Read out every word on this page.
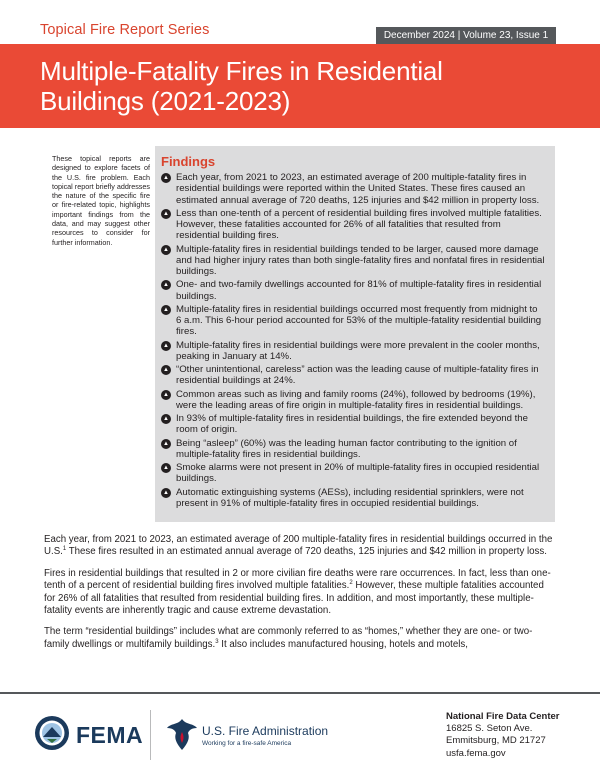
Topical Fire Report Series	December 2024 | Volume 23, Issue 1
Multiple-Fatality Fires in Residential
Buildings (2021-2023)
These topical reports are designed to explore facets of the U.S. fire problem. Each topical report briefly addresses the nature of the specific fire or fire-related topic, highlights important findings from the data, and may suggest other resources to consider for further information.
Findings
▲ Each year, from 2021 to 2023, an estimated average of 200 multiple-fatality fires in residential buildings were reported within the United States. These fires caused an estimated annual average of 720 deaths, 125 injuries and $42 million in property loss.
▲ Less than one-tenth of a percent of residential building fires involved multiple fatalities. However, these fatalities accounted for 26% of all fatalities that resulted from residential building fires.
▲ Multiple-fatality fires in residential buildings tended to be larger, caused more damage and had higher injury rates than both single-fatality fires and nonfatal fires in residential buildings.
▲ One- and two-family dwellings accounted for 81% of multiple-fatality fires in residential buildings.
▲ Multiple-fatality fires in residential buildings occurred most frequently from midnight to 6 a.m. This 6-hour period accounted for 53% of the multiple-fatality residential building fires.
▲ Multiple-fatality fires in residential buildings were more prevalent in the cooler months, peaking in January at 14%.
▲ “Other unintentional, careless” action was the leading cause of multiple-fatality fires in residential buildings at 24%.
▲ Common areas such as living and family rooms (24%), followed by bedrooms (19%), were the leading areas of fire origin in multiple-fatality fires in residential buildings.
▲ In 93% of multiple-fatality fires in residential buildings, the fire extended beyond the room of origin.
▲ Being “asleep” (60%) was the leading human factor contributing to the ignition of multiple-fatality fires in residential buildings.
▲ Smoke alarms were not present in 20% of multiple-fatality fires in occupied residential buildings.
▲ Automatic extinguishing systems (AESs), including residential sprinklers, were not present in 91% of multiple-fatality fires in occupied residential buildings.

Each year, from 2021 to 2023, an estimated average of 200 multiple-fatality fires in residential buildings occurred in the U.S.$^1$ These fires resulted in an estimated annual average of 720 deaths, 125 injuries and $42 million in property loss.

Fires in residential buildings that resulted in 2 or more civilian fire deaths were rare occurrences. In fact, less than one-tenth of a percent of residential building fires involved multiple fatalities.$^2$ However, these multiple fatalities accounted for 26% of all fatalities that resulted from residential building fires. In addition, and most importantly, these multiple-fatality events are inherently tragic and cause extreme devastation.

The term “residential buildings” includes what are commonly referred to as “homes,” whether they are one- or two-family dwellings or multifamily buildings.$^3$ It also includes manufactured housing, hotels and motels,

FEMA	U.S. Fire Administration
Working for a fire-safe America
National Fire Data Center
16825 S. Seton Ave.
Emmitsburg, MD 21727
usfa.fema.gov
